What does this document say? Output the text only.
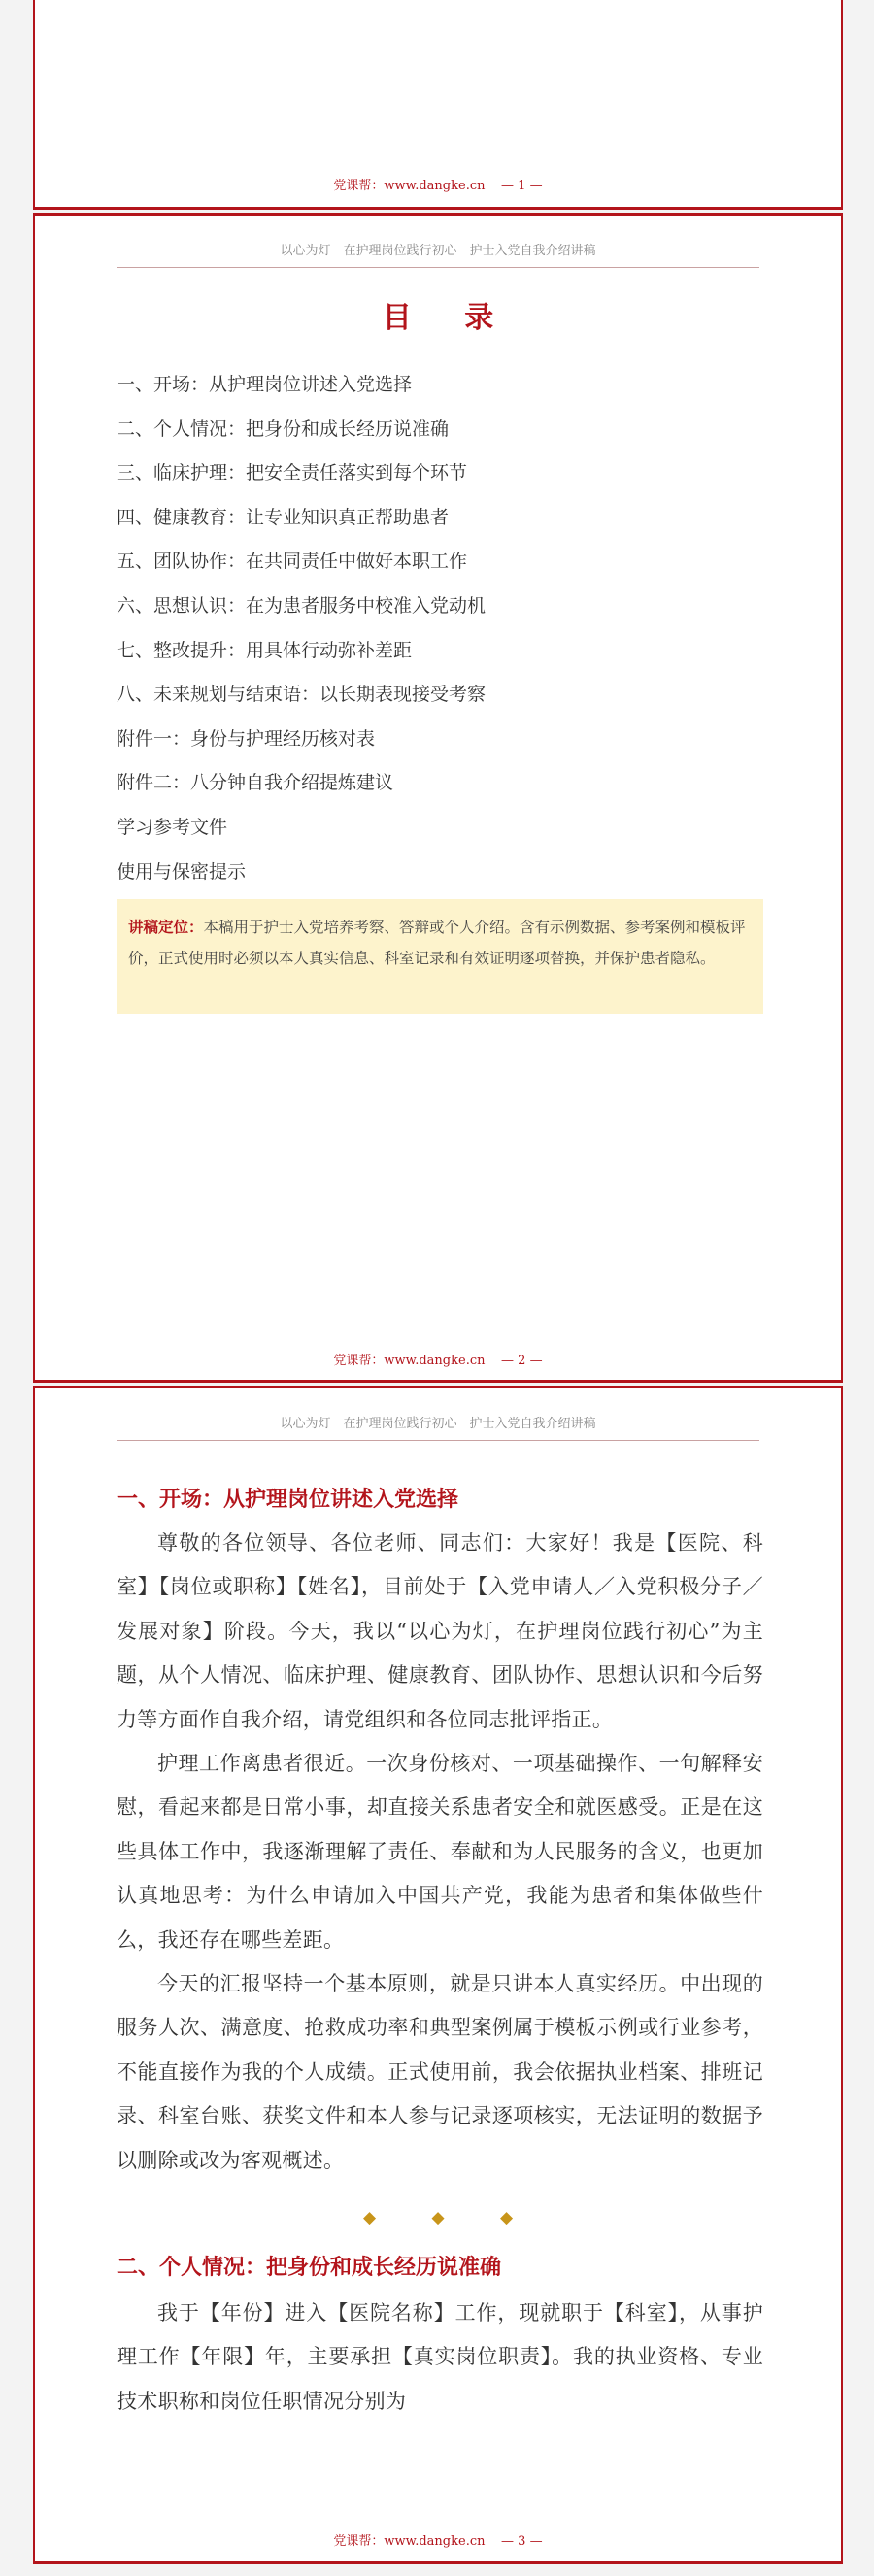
党课帮：www.dangke.cn — 1 —
以心为灯　在护理岗位践行初心　护士入党自我介绍讲稿
目 录
一、开场：从护理岗位讲述入党选择
二、个人情况：把身份和成长经历说准确
三、临床护理：把安全责任落实到每个环节
四、健康教育：让专业知识真正帮助患者
五、团队协作：在共同责任中做好本职工作
六、思想认识：在为患者服务中校准入党动机
七、整改提升：用具体行动弥补差距
八、未来规划与结束语：以长期表现接受考察
附件一：身份与护理经历核对表
附件二：八分钟自我介绍提炼建议
学习参考文件
使用与保密提示
讲稿定位：本稿用于护士入党培养考察、答辩或个人介绍。含有示例数据、参考案例和模板评价，正式使用时必须以本人真实信息、科室记录和有效证明逐项替换，并保护患者隐私。
党课帮：www.dangke.cn — 2 —
以心为灯　在护理岗位践行初心　护士入党自我介绍讲稿
一、开场：从护理岗位讲述入党选择

尊敬的各位领导、各位老师、同志们：大家好！我是【医院、科室】【岗位或职称】【姓名】，目前处于【入党申请人／入党积极分子／发展对象】阶段。今天，我以“以心为灯，在护理岗位践行初心”为主题，从个人情况、临床护理、健康教育、团队协作、思想认识和今后努力等方面作自我介绍，请党组织和各位同志批评指正。

护理工作离患者很近。一次身份核对、一项基础操作、一句解释安慰，看起来都是日常小事，却直接关系患者安全和就医感受。正是在这些具体工作中，我逐渐理解了责任、奉献和为人民服务的含义，也更加认真地思考：为什么申请加入中国共产党，我能为患者和集体做些什么，我还存在哪些差距。

今天的汇报坚持一个基本原则，就是只讲本人真实经历。中出现的服务人次、满意度、抢救成功率和典型案例属于模板示例或行业参考，不能直接作为我的个人成绩。正式使用前，我会依据执业档案、排班记录、科室台账、获奖文件和本人参与记录逐项核实，无法证明的数据予以删除或改为客观概述。

◆ ◆ ◆
二、个人情况：把身份和成长经历说准确

我于【年份】进入【医院名称】工作，现就职于【科室】，从事护理工作【年限】年，主要承担【真实岗位职责】。我的执业资格、专业技术职称和岗位任职情况分别为

党课帮：www.dangke.cn — 3 —
